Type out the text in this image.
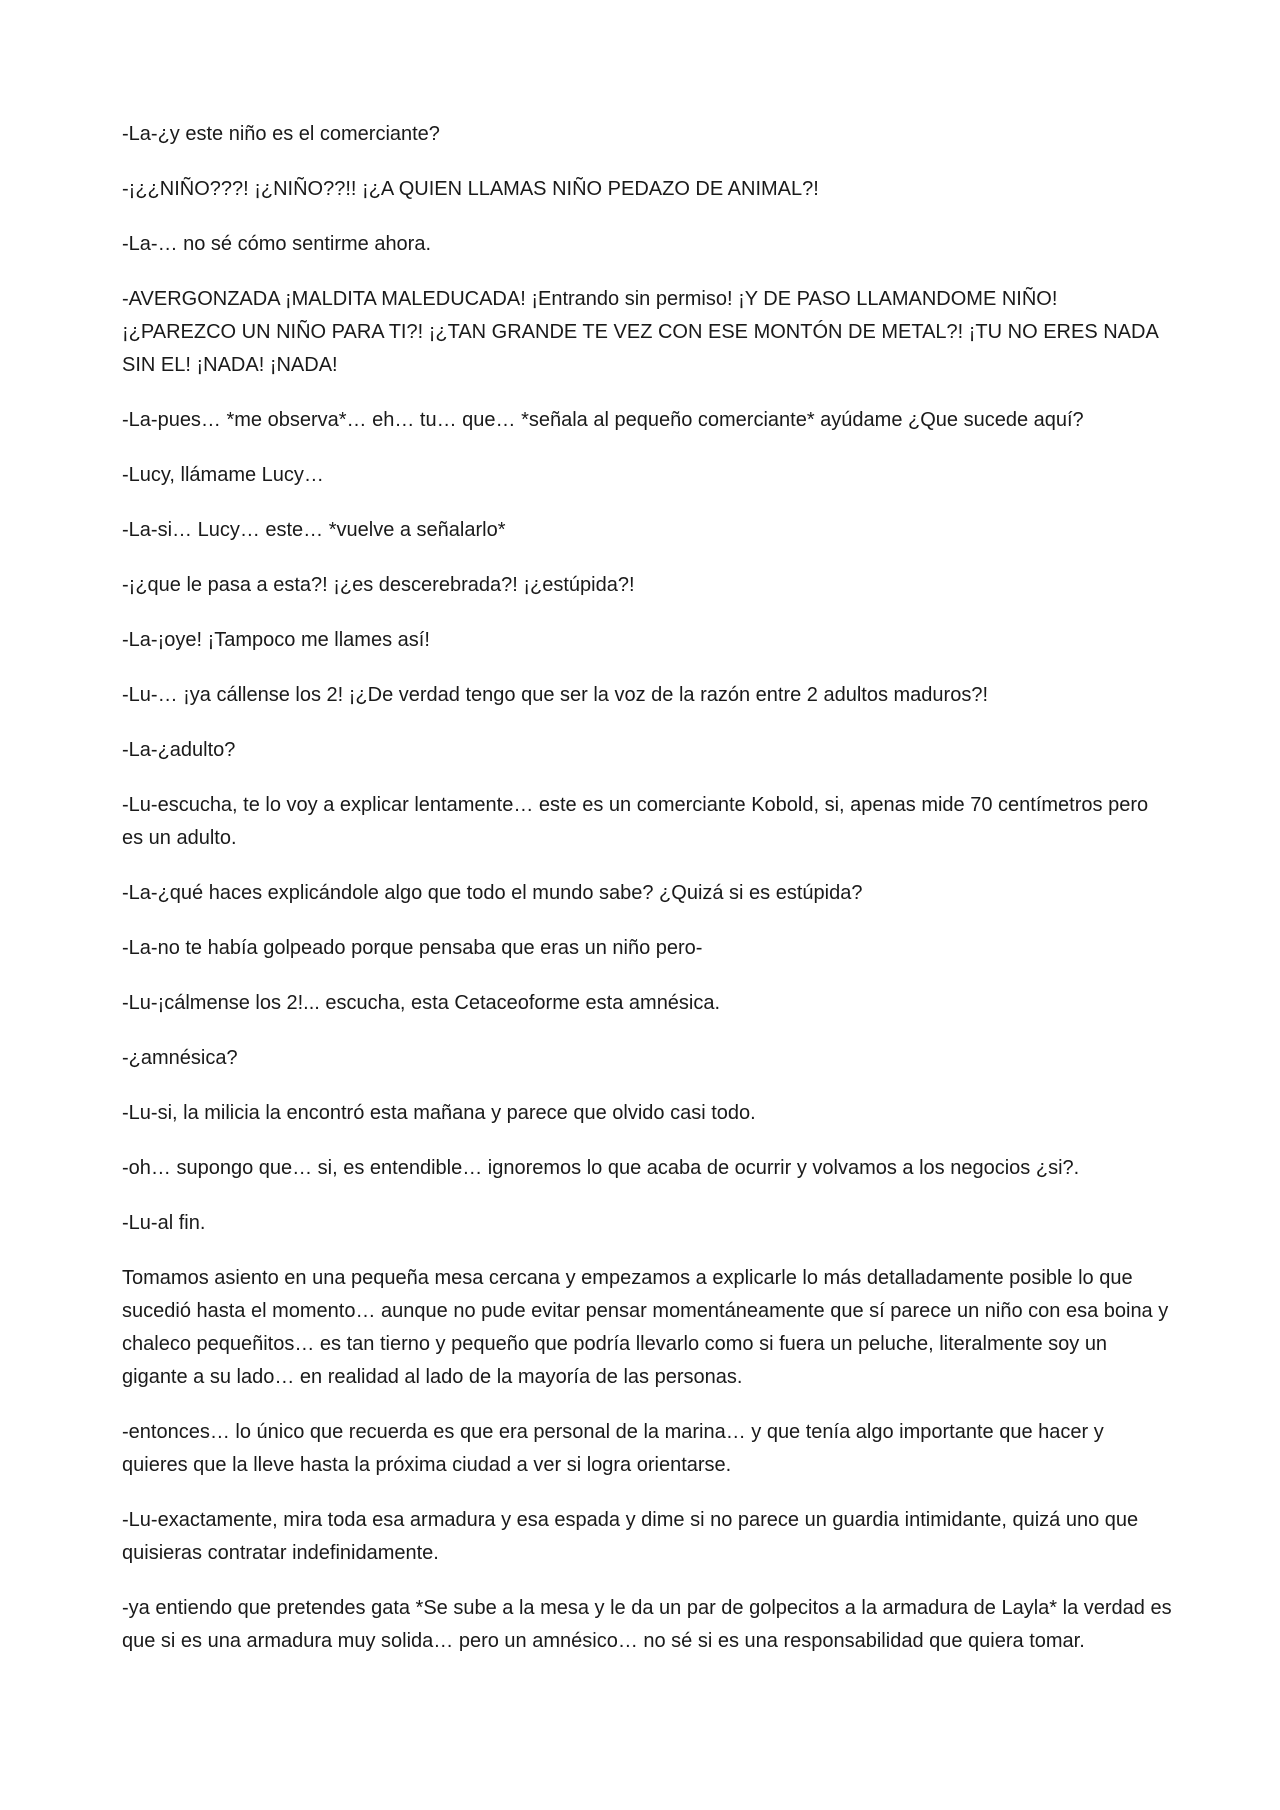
-La-¿y este niño es el comerciante?

-¡¿¿NIÑO???! ¡¿NIÑO??!! ¡¿A QUIEN LLAMAS NIÑO PEDAZO DE ANIMAL?!

-La-… no sé cómo sentirme ahora.

-AVERGONZADA ¡MALDITA MALEDUCADA! ¡Entrando sin permiso! ¡Y DE PASO LLAMANDOME NIÑO! ¡¿PAREZCO UN NIÑO PARA TI?! ¡¿TAN GRANDE TE VEZ CON ESE MONTÓN DE METAL?! ¡TU NO ERES NADA SIN EL! ¡NADA! ¡NADA!

-La-pues… *me observa*… eh… tu… que… *señala al pequeño comerciante* ayúdame ¿Que sucede aquí?

-Lucy, llámame Lucy…

-La-si… Lucy… este… *vuelve a señalarlo*

-¡¿que le pasa a esta?! ¡¿es descerebrada?! ¡¿estúpida?!

-La-¡oye! ¡Tampoco me llames así!

-Lu-… ¡ya cállense los 2! ¡¿De verdad tengo que ser la voz de la razón entre 2 adultos maduros?!

-La-¿adulto?

-Lu-escucha, te lo voy a explicar lentamente… este es un comerciante Kobold, si, apenas mide 70 centímetros pero es un adulto.

-La-¿qué haces explicándole algo que todo el mundo sabe? ¿Quizá si es estúpida?

-La-no te había golpeado porque pensaba que eras un niño pero-

-Lu-¡cálmense los 2!... escucha, esta Cetaceoforme esta amnésica.

-¿amnésica?

-Lu-si, la milicia la encontró esta mañana y parece que olvido casi todo.

-oh… supongo que… si, es entendible… ignoremos lo que acaba de ocurrir y volvamos a los negocios ¿si?.

-Lu-al fin.

Tomamos asiento en una pequeña mesa cercana y empezamos a explicarle lo más detalladamente posible lo que sucedió hasta el momento… aunque no pude evitar pensar momentáneamente que sí parece un niño con esa boina y chaleco pequeñitos… es tan tierno y pequeño que podría llevarlo como si fuera un peluche, literalmente soy un gigante a su lado… en realidad al lado de la mayoría de las personas.

-entonces… lo único que recuerda es que era personal de la marina… y que tenía algo importante que hacer y quieres que la lleve hasta la próxima ciudad a ver si logra orientarse.

-Lu-exactamente, mira toda esa armadura y esa espada y dime si no parece un guardia intimidante, quizá uno que quisieras contratar indefinidamente.

-ya entiendo que pretendes gata *Se sube a la mesa y le da un par de golpecitos a la armadura de Layla* la verdad es que si es una armadura muy solida… pero un amnésico… no sé si es una responsabilidad que quiera tomar.
